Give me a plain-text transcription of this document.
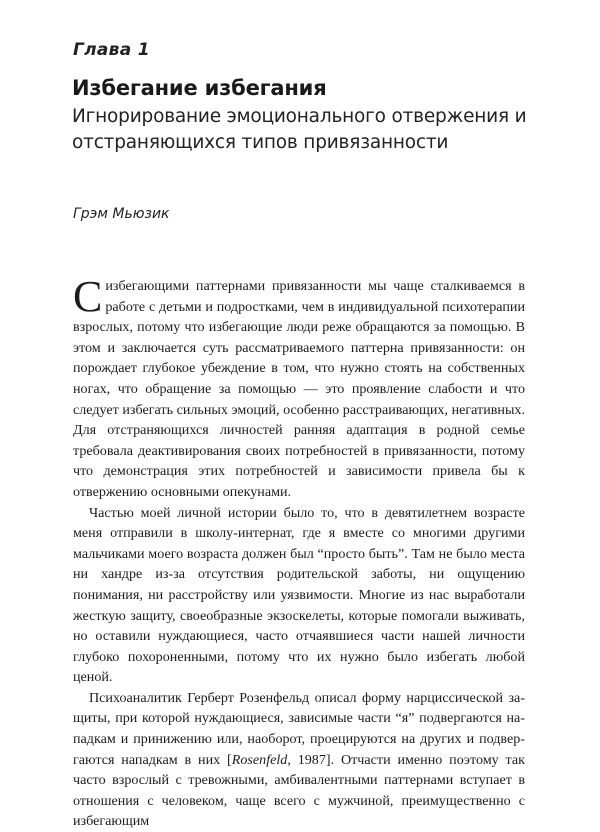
Глава 1
Избегание избегания
Игнорирование эмоционального отвержения и отстраняющихся типов привязанности
Грэм Мьюзик

С избегающими паттернами привязанности мы чаще сталкиваемся в работе с детьми и подростками, чем в индивидуальной психотерапии взрослых, потому что избегающие люди реже обращаются за помощью. В этом и заключается суть рассматриваемого паттерна привязанности: он порождает глубокое убеждение в том, что нужно стоять на собственных ногах, что обращение за помощью — это проявление слабости и что следует избегать сильных эмоций, особенно расстраивающих, негативных. Для отстраняющихся личностей ранняя адаптация в родной семье требовала деактивирования своих потребностей в привязанности, потому что демонстрация этих потребностей и зависимости привела бы к отвержению основными опекунами.

Частью моей личной истории было то, что в девятилетнем возрасте меня отправили в школу-интернат, где я вместе со многими другими мальчиками моего возраста должен был “просто быть”. Там не было места ни хандре из-за отсутствия родительской заботы, ни ощущению понимания, ни расстройству или уязвимости. Многие из нас выработали жесткую защиту, своеобразные экзоскелеты, которые помогали выживать, но оставили нуждающиеся, часто отчаявшиеся части нашей личности глубоко похороненными, потому что их нужно было избегать любой ценой.

Психоаналитик Герберт Розенфельд описал форму нарциссической защиты, при которой нуждающиеся, зависимые части “я” подвергаются нападкам и принижению или, наоборот, проецируются на других и подвергаются нападкам в них [Rosenfeld, 1987]. Отчасти именно поэтому так часто взрослый с тревожными, амбивалентными паттернами вступает в отношения с человеком, чаще всего с мужчиной, преимущественно с избегающим
